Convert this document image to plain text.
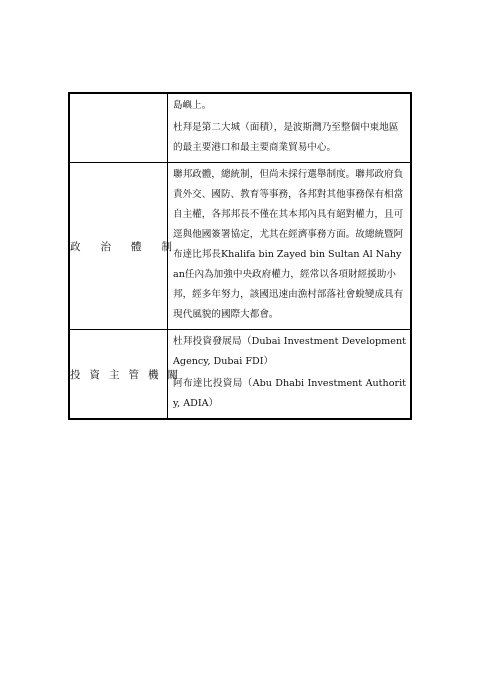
	島嶼上。

杜拜是第二大城（面積），是波斯灣乃至整個中東地區的最主要港口和最主要商業貿易中心。

政治體制	聯邦政體，總統制，但尚未採行選舉制度。聯邦政府負責外交、國防、教育等事務，各邦對其他事務保有相當自主權，各邦邦長不僅在其本邦內具有絕對權力，且可逕與他國簽署協定，尤其在經濟事務方面。故總統暨阿布達比邦長Khalifa bin Zayed bin Sultan Al Nahyan任內為加強中央政府權力，經常以各項財經援助小邦，經多年努力，該國迅速由漁村部落社會蛻變成具有現代風貌的國際大都會。

投資主管機關	杜拜投資發展局（Dubai Investment Development Agency, Dubai FDI）

阿布達比投資局（Abu Dhabi Investment Authority, ADIA）
